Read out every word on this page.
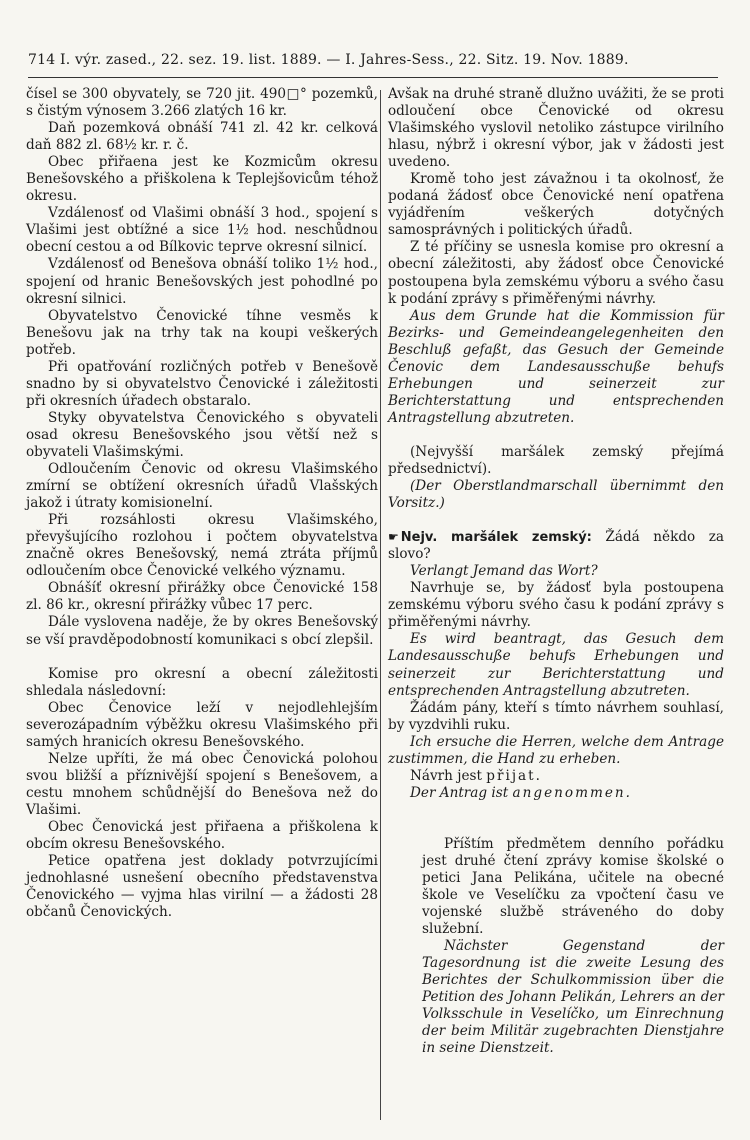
714 I. výr. zased., 22. sez. 19. list. 1889. — I. Jahres-Sess., 22. Sitz. 19. Nov. 1889.

čísel se 300 obyvately, se 720 jit. 490□° pozemků, s čistým výnosem 3.266 zlatých 16 kr.

Daň pozemková obnáší 741 zl. 42 kr. celková daň 882 zl. 68½ kr. r. č.

Obec přiřaena jest ke Kozmicům okresu Benešovského a přiškolena k Teplejšovicům téhož okresu.

Vzdálenosť od Vlašimi obnáší 3 hod., spojení s Vlašimi jest obtížné a sice 1½ hod. neschůdnou obecní cestou a od Bílkovic teprve okresní silnicí.

Vzdálenosť od Benešova obnáší toliko 1½ hod., spojení od hranic Benešovských jest pohodlné po okresní silnici.

Obyvatelstvo Čenovické tíhne vesměs k Benešovu jak na trhy tak na koupi veškerých potřeb.

Při opatřování rozličných potřeb v Benešově snadno by si obyvatelstvo Čenovické i záležitosti při okresních úřadech obstaralo.

Styky obyvatelstva Čenovického s obyvateli osad okresu Benešovského jsou větší než s obyvateli Vlašimskými.

Odloučením Čenovic od okresu Vlašimského zmírní se obtížení okresních úřadů Vlašských jakož i útraty komisionelní.

Při rozsáhlosti okresu Vlašimského, převyšujícího rozlohou i počtem obyvatelstva značně okres Benešovský, nemá ztráta příjmů odloučením obce Čenovické velkého významu.

Obnášíť okresní přirážky obce Čenovické 158 zl. 86 kr., okresní přirážky vůbec 17 perc.

Dále vyslovena naděje, že by okres Benešovský se vší pravděpodobností komunikaci s obcí zlepšil.

Komise pro okresní a obecní záležitosti shledala následovní:

Obec Čenovice leží v nejodlehlejším severozápadním výběžku okresu Vlašimského při samých hranicích okresu Benešovského.

Nelze upříti, že má obec Čenovická polohou svou bližší a příznivější spojení s Benešovem, a cestu mnohem schůdnější do Benešova než do Vlašimi.

Obec Čenovická jest přiřaena a přiškolena k obcím okresu Benešovského.

Petice opatřena jest doklady potvrzujícími jednohlasné usnešení obecního představenstva Čenovického — vyjma hlas virilní — a žádosti 28 občanů Čenovických.

Avšak na druhé straně dlužno uvážiti, že se proti odloučení obce Čenovické od okresu Vlašimského vyslovil netoliko zástupce virilního hlasu, nýbrž i okresní výbor, jak v žádosti jest uvedeno.

Kromě toho jest závažnou i ta okolnosť, že podaná žádosť obce Čenovické není opatřena vyjádřením veškerých dotyčných samosprávných i politických úřadů.

Z té příčiny se usnesla komise pro okresní a obecní záležitosti, aby žádosť obce Čenovické postoupena byla zemskému výboru a svého času k podání zprávy s přiměřenými návrhy.

Aus dem Grunde hat die Kommission für Bezirks- und Gemeindeangelegenheiten den Beschluß gefaßt, das Gesuch der Gemeinde Čenovic dem Landesausschuße behufs Erhebungen und seinerzeit zur Berichterstattung und entsprechenden Antragstellung abzutreten.

(Nejvyšší maršálek zemský přejímá předsednictví).

(Der Oberstlandmarschall übernimmt den Vorsitz.)

☛ Nejv. maršálek zemský: Žádá někdo za slovo?

Verlangt Jemand das Wort?

Navrhuje se, by žádosť byla postoupena zemskému výboru svého času k podání zprávy s přiměřenými návrhy.

Es wird beantragt, das Gesuch dem Landesausschuße behufs Erhebungen und seinerzeit zur Berichterstattung und entsprechenden Antragstellung abzutreten.

Žádám pány, kteří s tímto návrhem souhlasí, by vyzdvihli ruku.

Ich ersuche die Herren, welche dem Antrage zustimmen, die Hand zu erheben.

Návrh jest přijat.

Der Antrag ist angenommen.

Příštím předmětem denního pořádku jest druhé čtení zprávy komise školské o petici Jana Pelikána, učitele na obecné škole ve Veselíčku za vpočtení času ve vojenské službě stráveného do doby služební.

Nächster Gegenstand der Tagesordnung ist die zweite Lesung des Berichtes der Schulkommission über die Petition des Johann Pelikán, Lehrers an der Volksschule in Veselíčko, um Einrechnung der beim Militär zugebrachten Dienstjahre in seine Dienstzeit.
